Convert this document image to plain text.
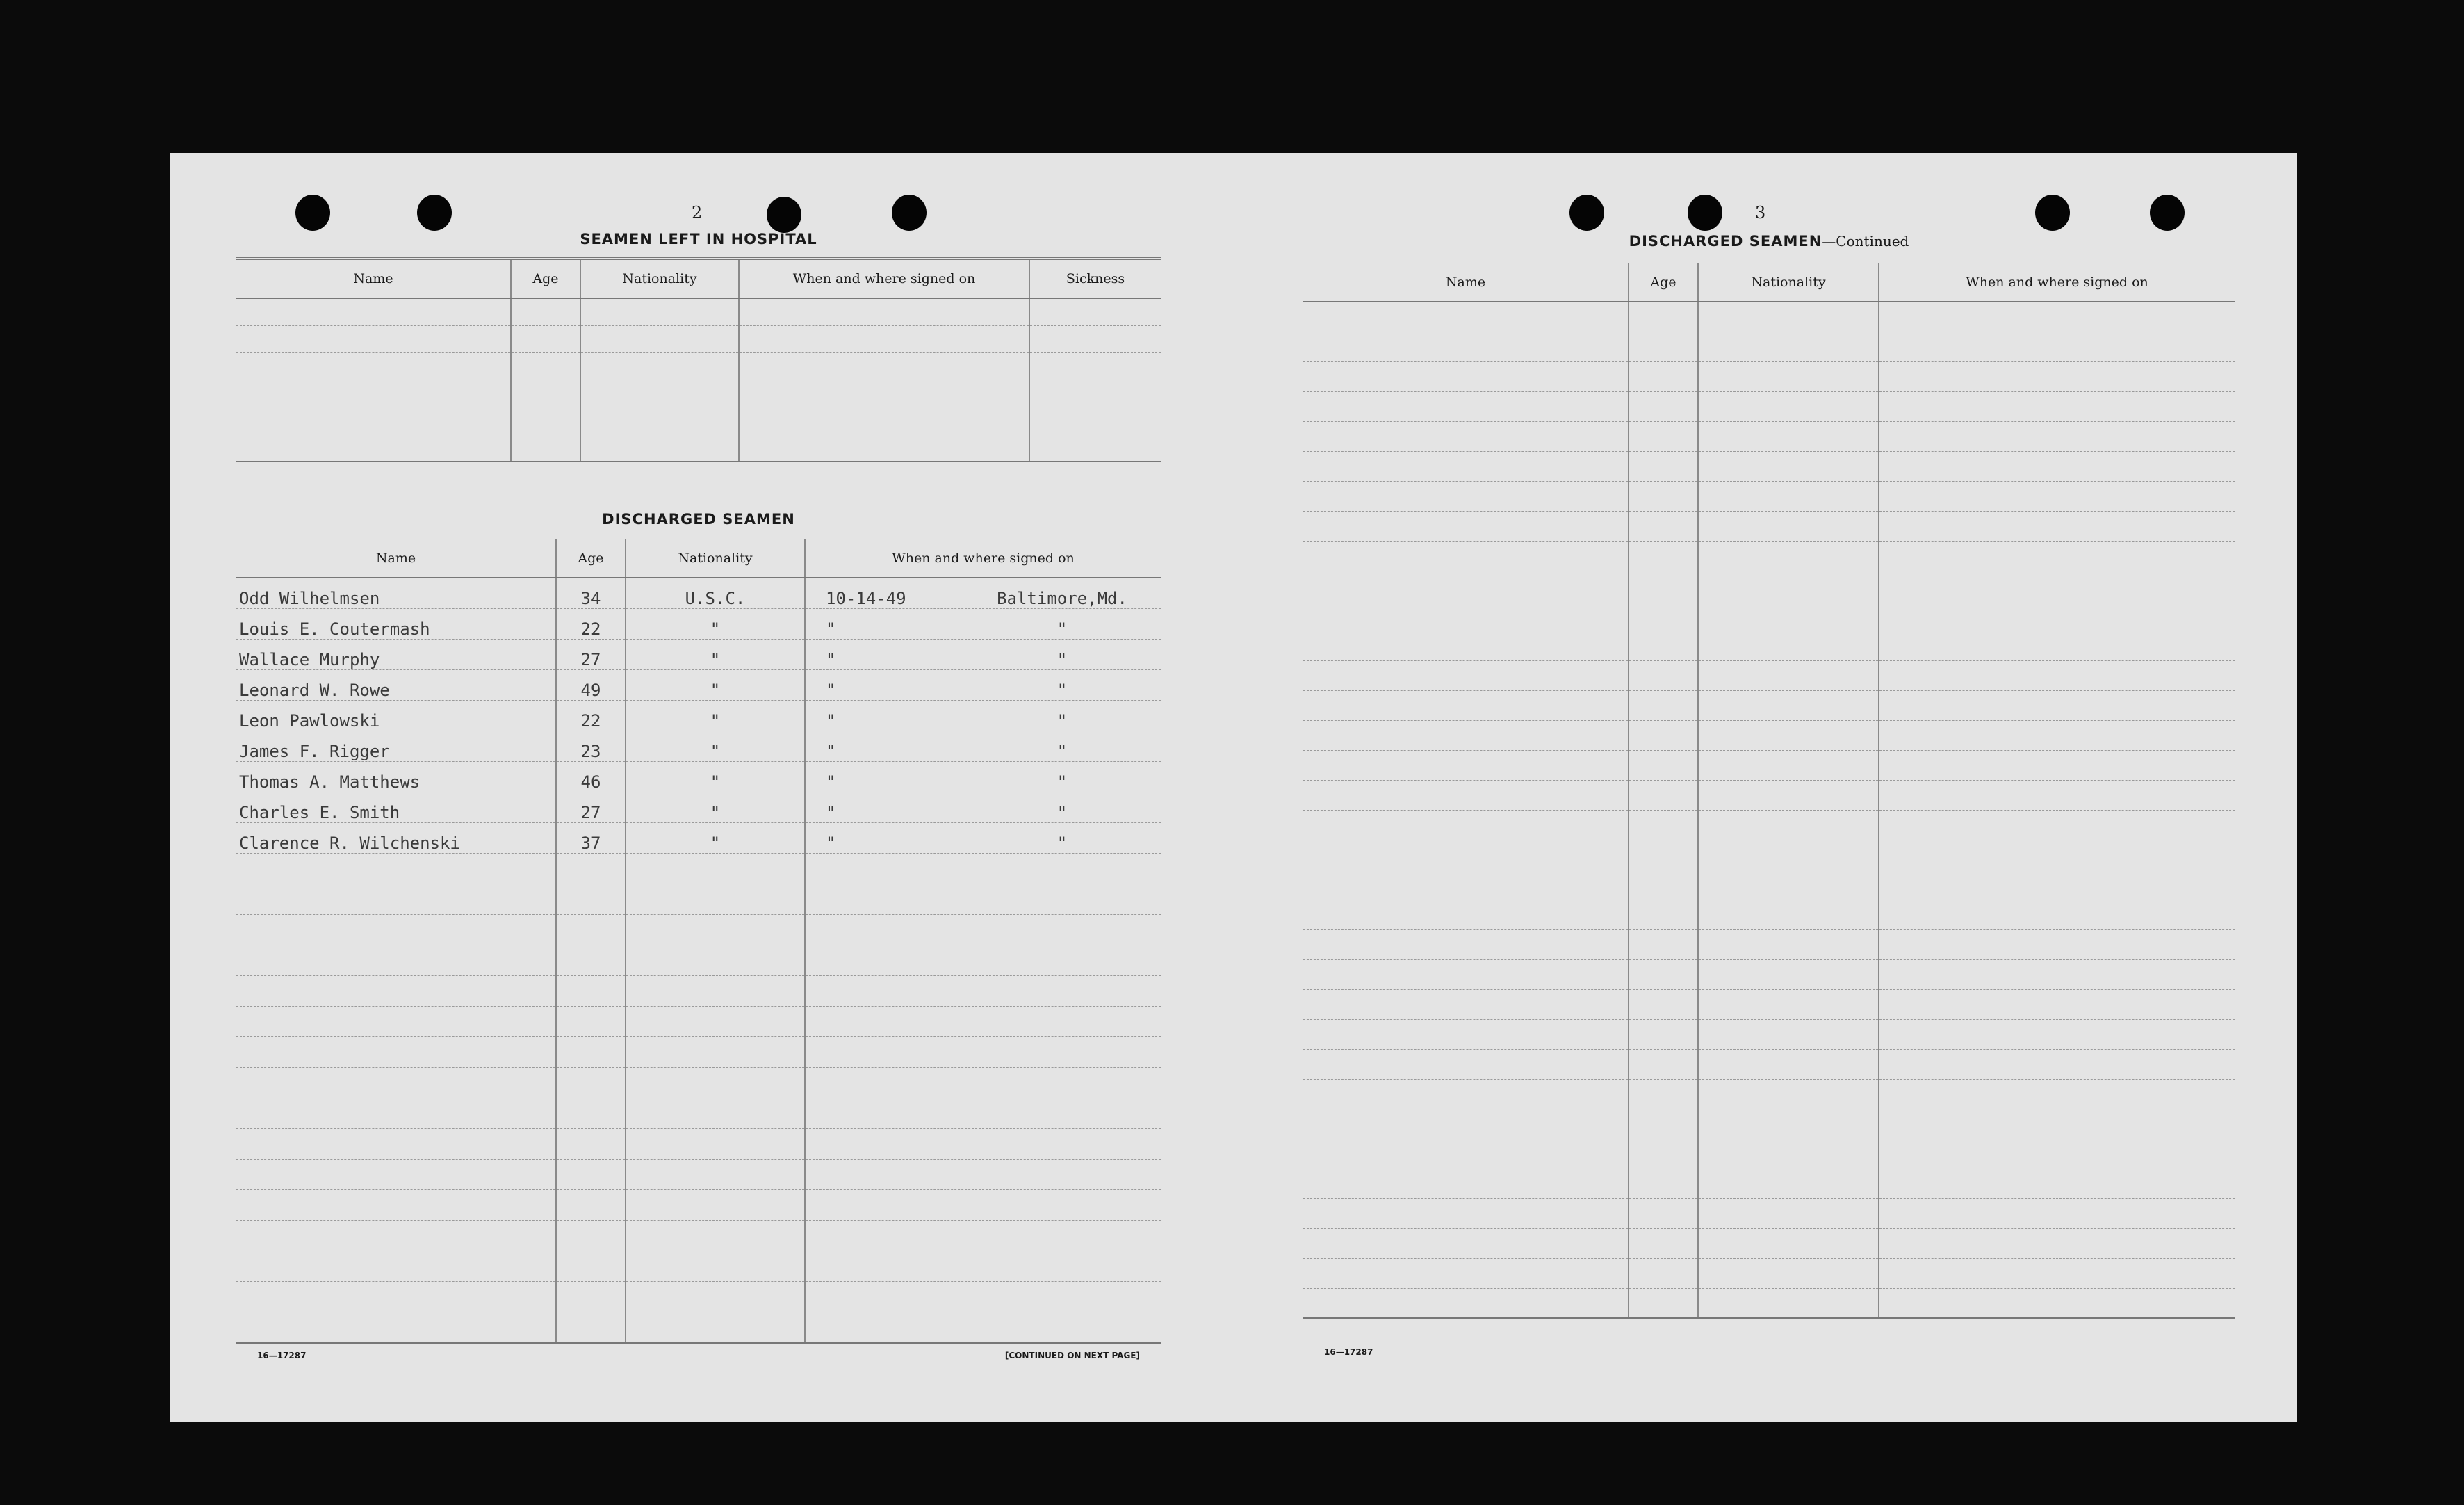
2
SEAMEN LEFT IN HOSPITAL
Name	Age	Nationality	When and where signed on	Sickness

DISCHARGED SEAMEN
Name	Age	Nationality	When and where signed on
Odd Wilhelmsen	34	U.S.C.	10-14-49 Baltimore,Md.
Louis E. Coutermash	22	"	" "
Wallace Murphy	27	"	" "
Leonard W. Rowe	49	"	" "
Leon Pawlowski	22	"	" "
James F. Rigger	23	"	" "
Thomas A. Matthews	46	"	" "
Charles E. Smith	27	"	" "
Clarence R. Wilchenski	37	"	" "

16—17287	[CONTINUED ON NEXT PAGE]
3
DISCHARGED SEAMEN—Continued
Name	Age	Nationality	When and where signed on

16—17287
